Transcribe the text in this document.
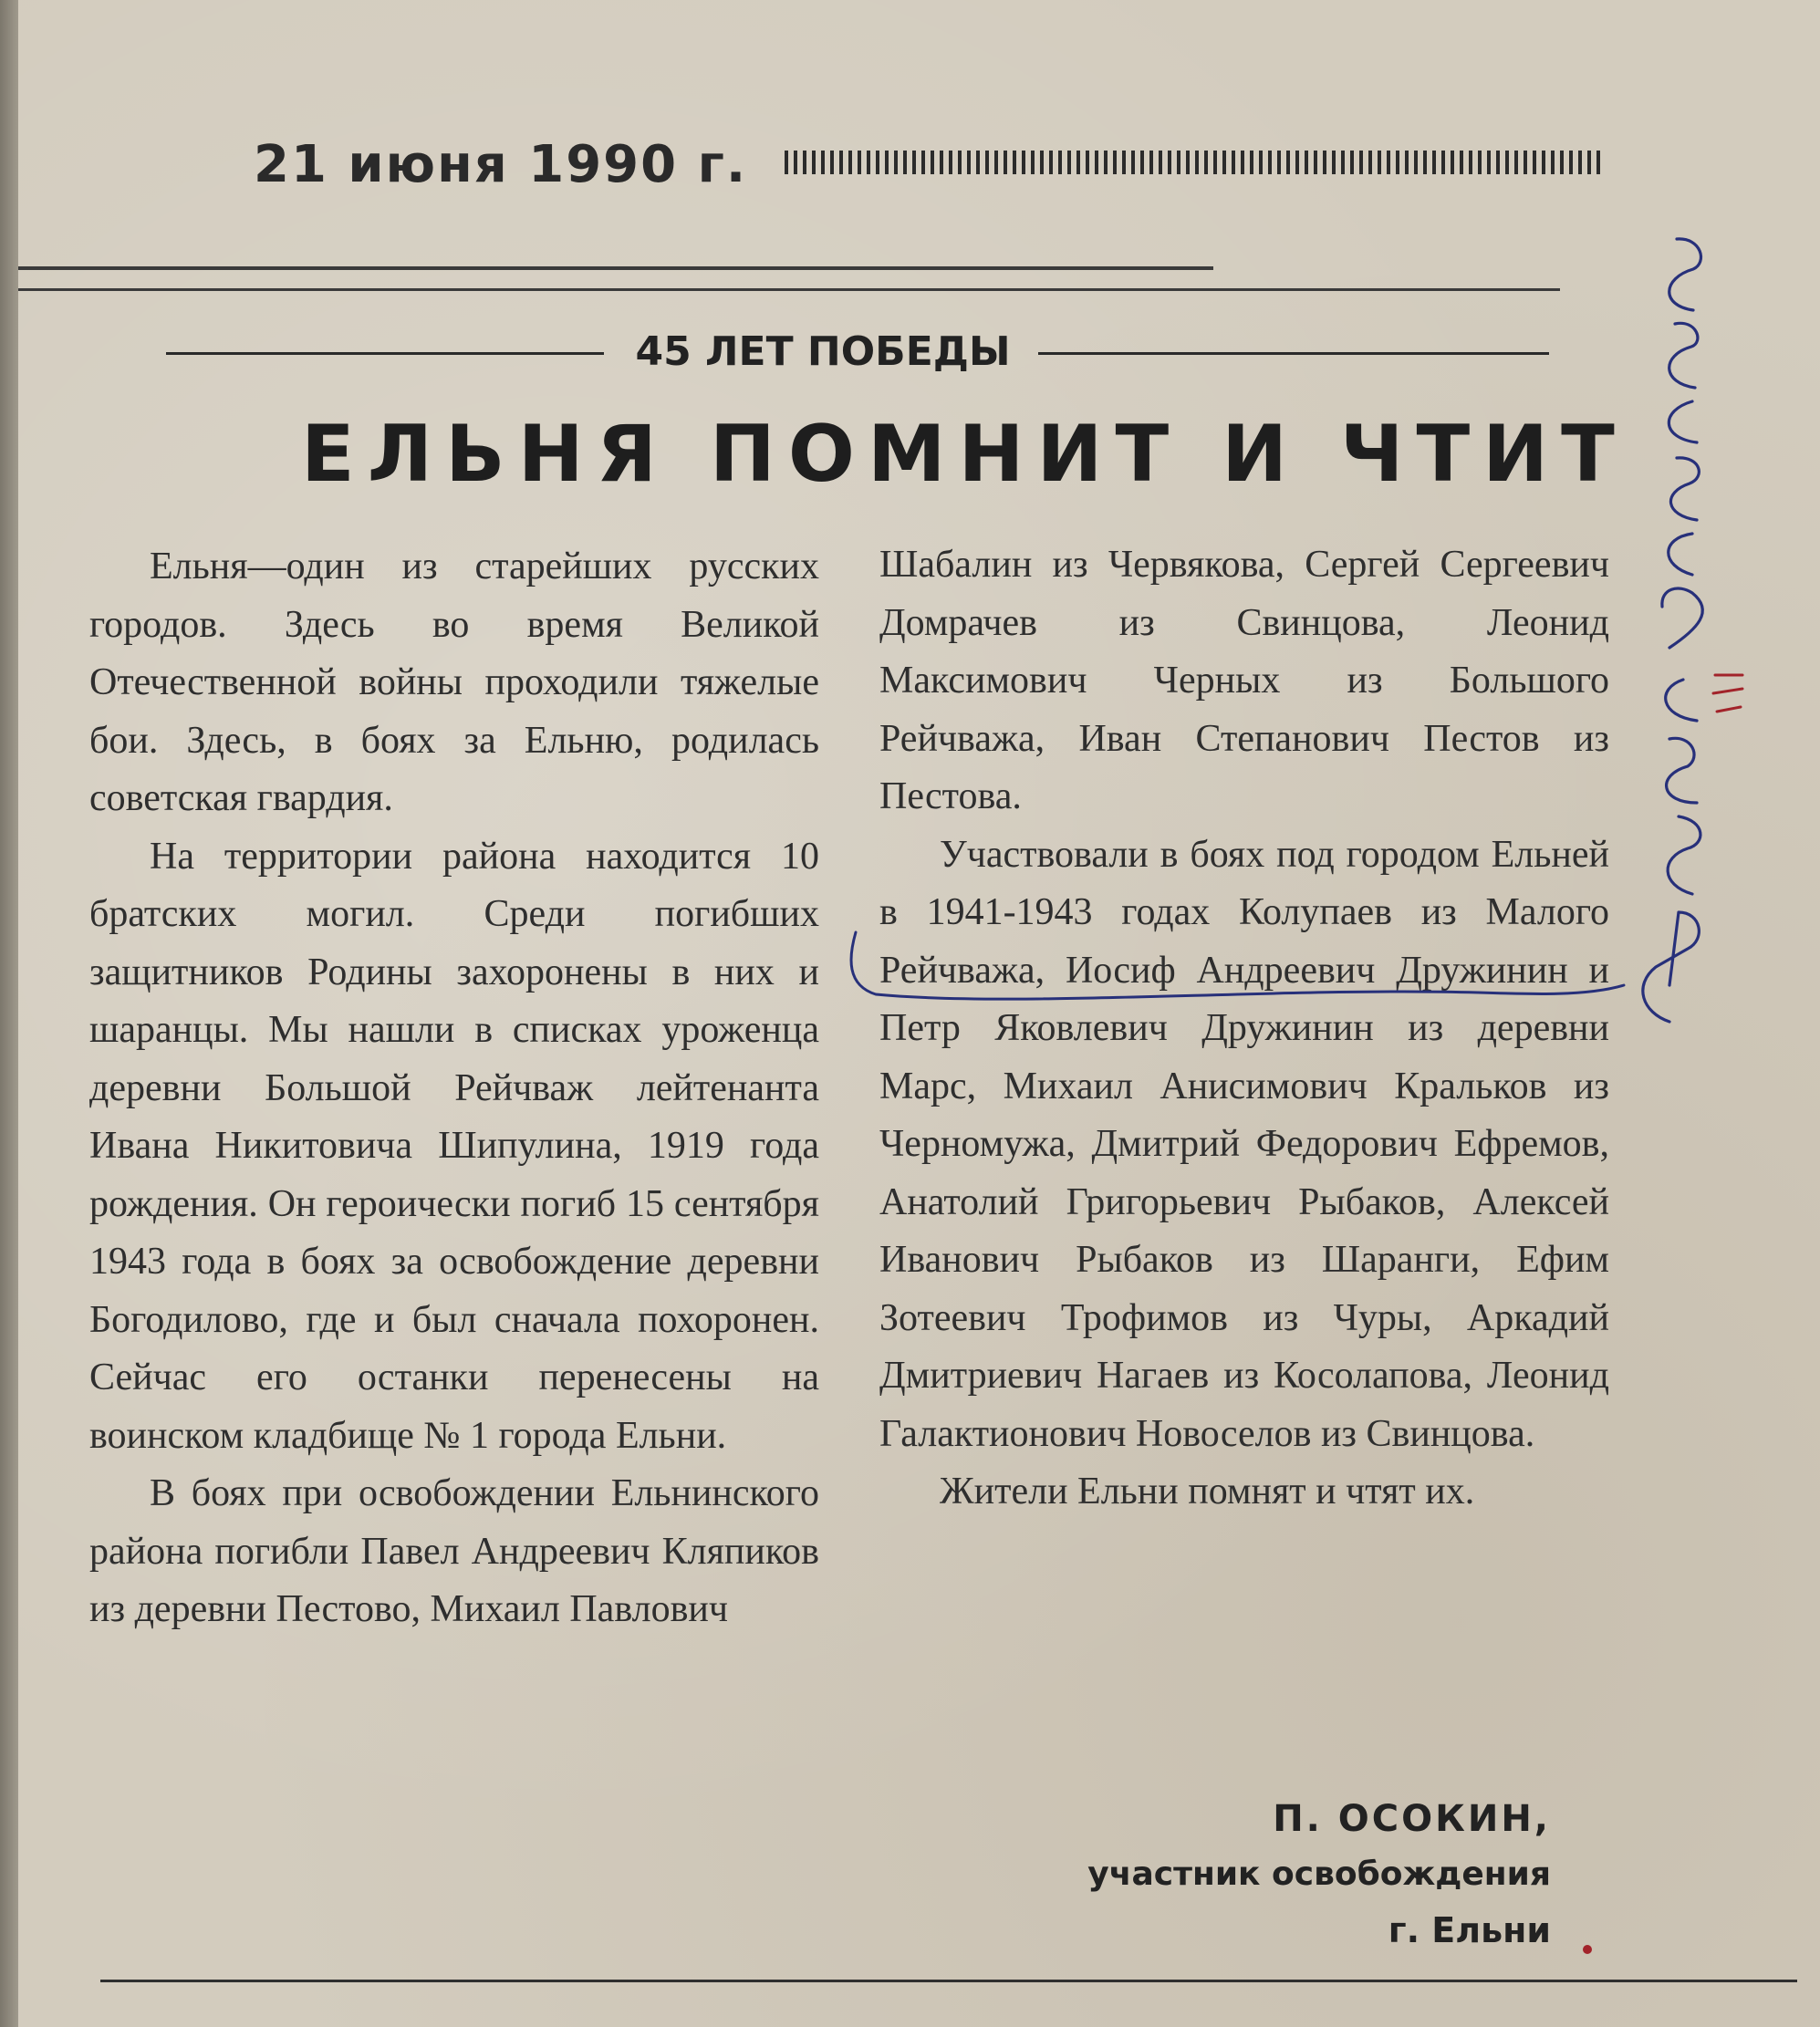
21 июня 1990 г.
45 ЛЕТ ПОБЕДЫ
ЕЛЬНЯ ПОМНИТ И ЧТИТ

Ельня—один из старейших русских городов. Здесь во время Великой Отечественной войны проходили тяжелые бои. Здесь, в боях за Ельню, родилась советская гвардия.

На территории района находится 10 братских могил. Среди погибших защитников Родины захоронены в них и шаранцы. Мы нашли в списках уроженца деревни Большой Рейчваж лейтенанта Ивана Никитовича Шипулина, 1919 года рождения. Он героически погиб 15 сентября 1943 года в боях за освобождение деревни Богодилово, где и был сначала похоронен. Сейчас его останки перенесены на воинском кладбище № 1 города Ельни.

В боях при освобождении Ельнинского района погибли Павел Андреевич Кляпиков из деревни Пестово, Михаил Павлович

Шабалин из Червякова, Сергей Сергеевич Домрачев из Свинцова, Леонид Максимович Черных из Большого Рейчважа, Иван Степанович Пестов из Пестова.

Участвовали в боях под городом Ельней в 1941-1943 годах Колупаев из Малого Рейчважа, Иосиф Андреевич Дружинин и Петр Яковлевич Дружинин из деревни Марс, Михаил Анисимович Кральков из Черномужа, Дмитрий Федорович Ефремов, Анатолий Григорьевич Рыбаков, Алексей Иванович Рыбаков из Шаранги, Ефим Зотеевич Трофимов из Чуры, Аркадий Дмитриевич Нагаев из Косолапова, Леонид Галактионович Новоселов из Свинцова.

Жители Ельни помнят и чтят их.

П. ОСОКИН,
участник освобождения
г. Ельни
